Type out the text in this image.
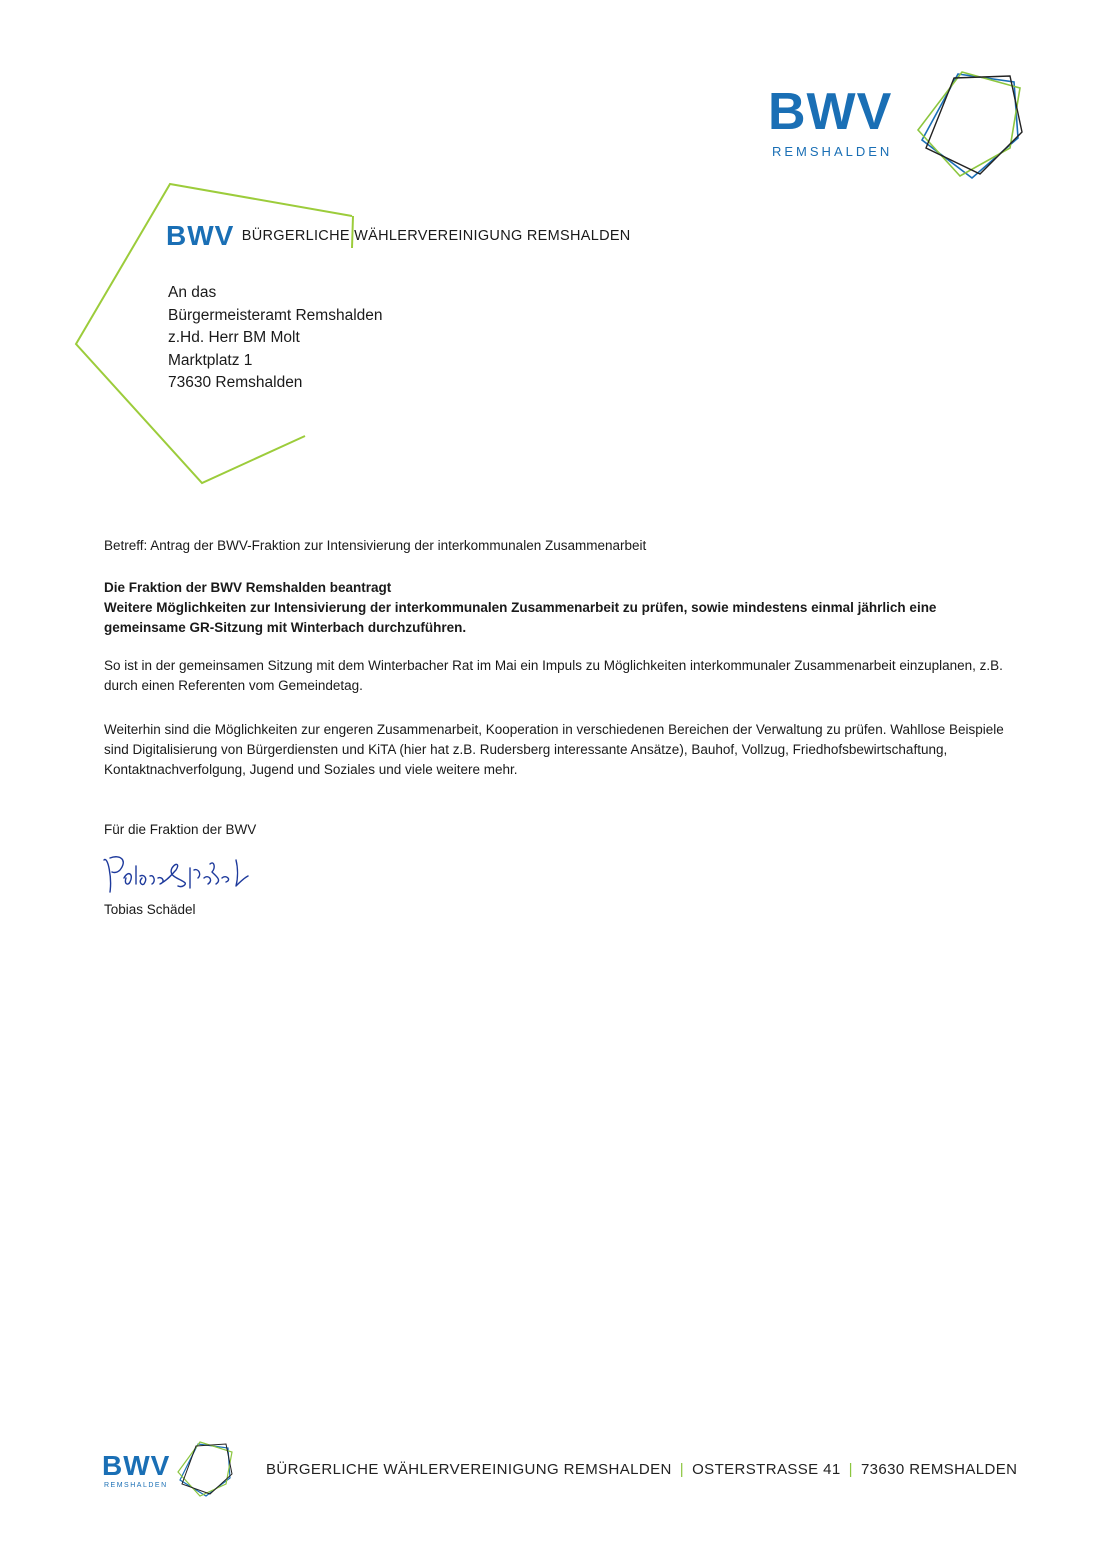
BWV
REMSHALDEN
BWV BÜRGERLICHE WÄHLERVEREINIGUNG REMSHALDEN
An das
Bürgermeisteramt Remshalden
z.Hd. Herr BM Molt
Marktplatz 1
73630 Remshalden
Betreff: Antrag der BWV-Fraktion zur Intensivierung der interkommunalen Zusammenarbeit
Die Fraktion der BWV Remshalden beantragt
Weitere Möglichkeiten zur Intensivierung der interkommunalen Zusammenarbeit zu prüfen, sowie mindestens einmal jährlich eine gemeinsame GR-Sitzung mit Winterbach durchzuführen.
So ist in der gemeinsamen Sitzung mit dem Winterbacher Rat im Mai ein Impuls zu Möglichkeiten interkommunaler Zusammenarbeit einzuplanen, z.B. durch einen Referenten vom Gemeindetag.
Weiterhin sind die Möglichkeiten zur engeren Zusammenarbeit, Kooperation in verschiedenen Bereichen der Verwaltung zu prüfen. Wahllose Beispiele sind Digitalisierung von Bürgerdiensten und KiTA (hier hat z.B. Rudersberg interessante Ansätze), Bauhof, Vollzug, Friedhofsbewirtschaftung, Kontaktnachverfolgung, Jugend und Soziales und viele weitere mehr.
Für die Fraktion der BWV
Tobias Schädel
BWV
REMSHALDEN
BÜRGERLICHE WÄHLERVEREINIGUNG REMSHALDEN | OSTERSTRASSE 41 | 73630 REMSHALDEN
